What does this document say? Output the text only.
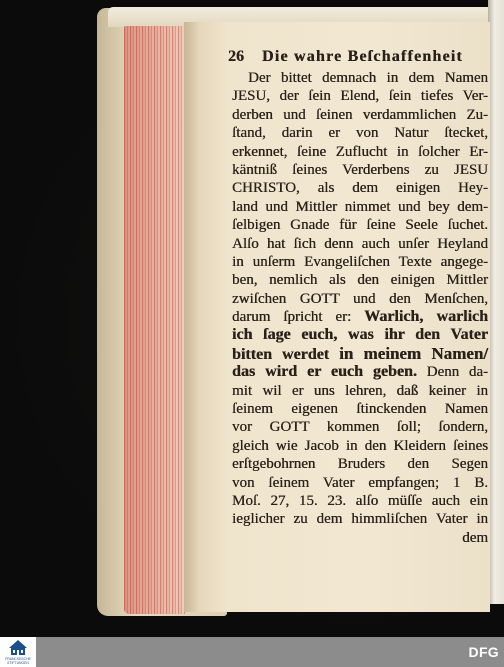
26 Die wahre Beſchaffenheit
Der bittet demnach in dem Namen
JESU, der ſein Elend, ſein tiefes Ver-
derben und ſeinen verdammlichen Zu-
ſtand, darin er von Natur ſtecket,
erkennet, ſeine Zuflucht in ſolcher Er-
käntniß ſeines Verderbens zu JESU
CHRISTO, als dem einigen Hey-
land und Mittler nimmet und bey dem-
ſelbigen Gnade für ſeine Seele ſuchet.
Alſo hat ſich denn auch unſer Heyland
in unſerm Evangeliſchen Texte angege-
ben, nemlich als den einigen Mittler
zwiſchen GOTT und den Menſchen,
darum ſpricht er: Warlich, warlich
ich ſage euch, was ihr den Vater
bitten werdet in meinem Namen/
das wird er euch geben. Denn da-
mit wil er uns lehren, daß keiner in
ſeinem eigenen ſtinckenden Namen
vor GOTT kommen ſoll; ſondern,
gleich wie Jacob in den Kleidern ſeines
erſtgebohrnen Bruders den Segen
von ſeinem Vater empfangen; 1 B.
Moſ. 27, 15. 23. alſo müſſe auch ein
ieglicher zu dem himmliſchen Vater in
dem
FRANCKESCHE
STIFTUNGEN
DFG
